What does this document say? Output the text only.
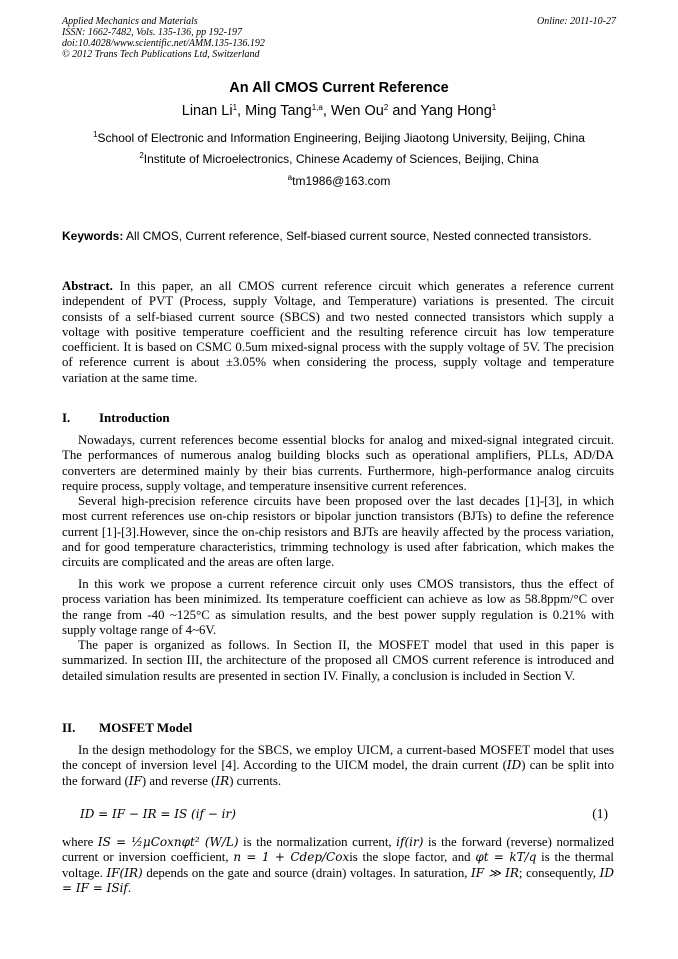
Applied Mechanics and Materials
ISSN: 1662-7482, Vols. 135-136, pp 192-197
doi:10.4028/www.scientific.net/AMM.135-136.192
© 2012 Trans Tech Publications Ltd, Switzerland
Online: 2011-10-27
An All CMOS Current Reference
Linan Li$^1$, Ming Tang$^{1,a}$, Wen Ou$^2$ and Yang Hong$^1$
$^1$School of Electronic and Information Engineering, Beijing Jiaotong University, Beijing, China
$^2$Institute of Microelectronics, Chinese Academy of Sciences, Beijing, China
$^a$tm1986@163.com
Keywords: All CMOS, Current reference, Self-biased current source, Nested connected transistors.

Abstract. In this paper, an all CMOS current reference circuit which generates a reference current independent of PVT (Process, supply Voltage, and Temperature) variations is presented. The circuit consists of a self-biased current source (SBCS) and two nested connected transistors which supply a voltage with positive temperature coefficient and the resulting reference circuit has low temperature coefficient. It is based on CSMC 0.5um mixed-signal process with the supply voltage of 5V. The precision of reference current is about ±3.05% when considering the process, supply voltage and temperature variation at the same time.

I. Introduction

Nowadays, current references become essential blocks for analog and mixed-signal integrated circuit. The performances of numerous analog building blocks such as operational amplifiers, PLLs, AD/DA converters are determined mainly by their bias currents. Furthermore, high-performance analog circuits require process, supply voltage, and temperature insensitive current references.

Several high-precision reference circuits have been proposed over the last decades [1]-[3], in which most current references use on-chip resistors or bipolar junction transistors (BJTs) to define the reference current [1]-[3].However, since the on-chip resistors and BJTs are heavily affected by the process variation, and for good temperature characteristics, trimming technology is used after fabrication, which makes the circuits are complicated and the areas are often large.

In this work we propose a current reference circuit only uses CMOS transistors, thus the effect of process variation has been minimized. Its temperature coefficient can achieve as low as 58.8ppm/°C over the range from -40 ~125°C as simulation results, and the best power supply regulation is 0.21% with supply voltage range of 4~6V.

The paper is organized as follows. In Section II, the MOSFET model that used in this paper is summarized. In section III, the architecture of the proposed all CMOS current reference is introduced and detailed simulation results are presented in section IV. Finally, a conclusion is included in Section V.

II. MOSFET Model

In the design methodology for the SBCS, we employ UICM, a current-based MOSFET model that uses the concept of inversion level [4]. According to the UICM model, the drain current (ID) can be split into the forward (IF) and reverse (IR) currents.

ID = IF − IR = IS (if − ir)	(1)

where IS = ½μCoxnφt² (W/L) is the normalization current, if(ir) is the forward (reverse) normalized current or inversion coefficient, n = 1 + Cdep/Coxis the slope factor, and φt = kT/q is the thermal voltage. IF(IR) depends on the gate and source (drain) voltages. In saturation, IF ≫ IR; consequently, ID = IF = ISif.
